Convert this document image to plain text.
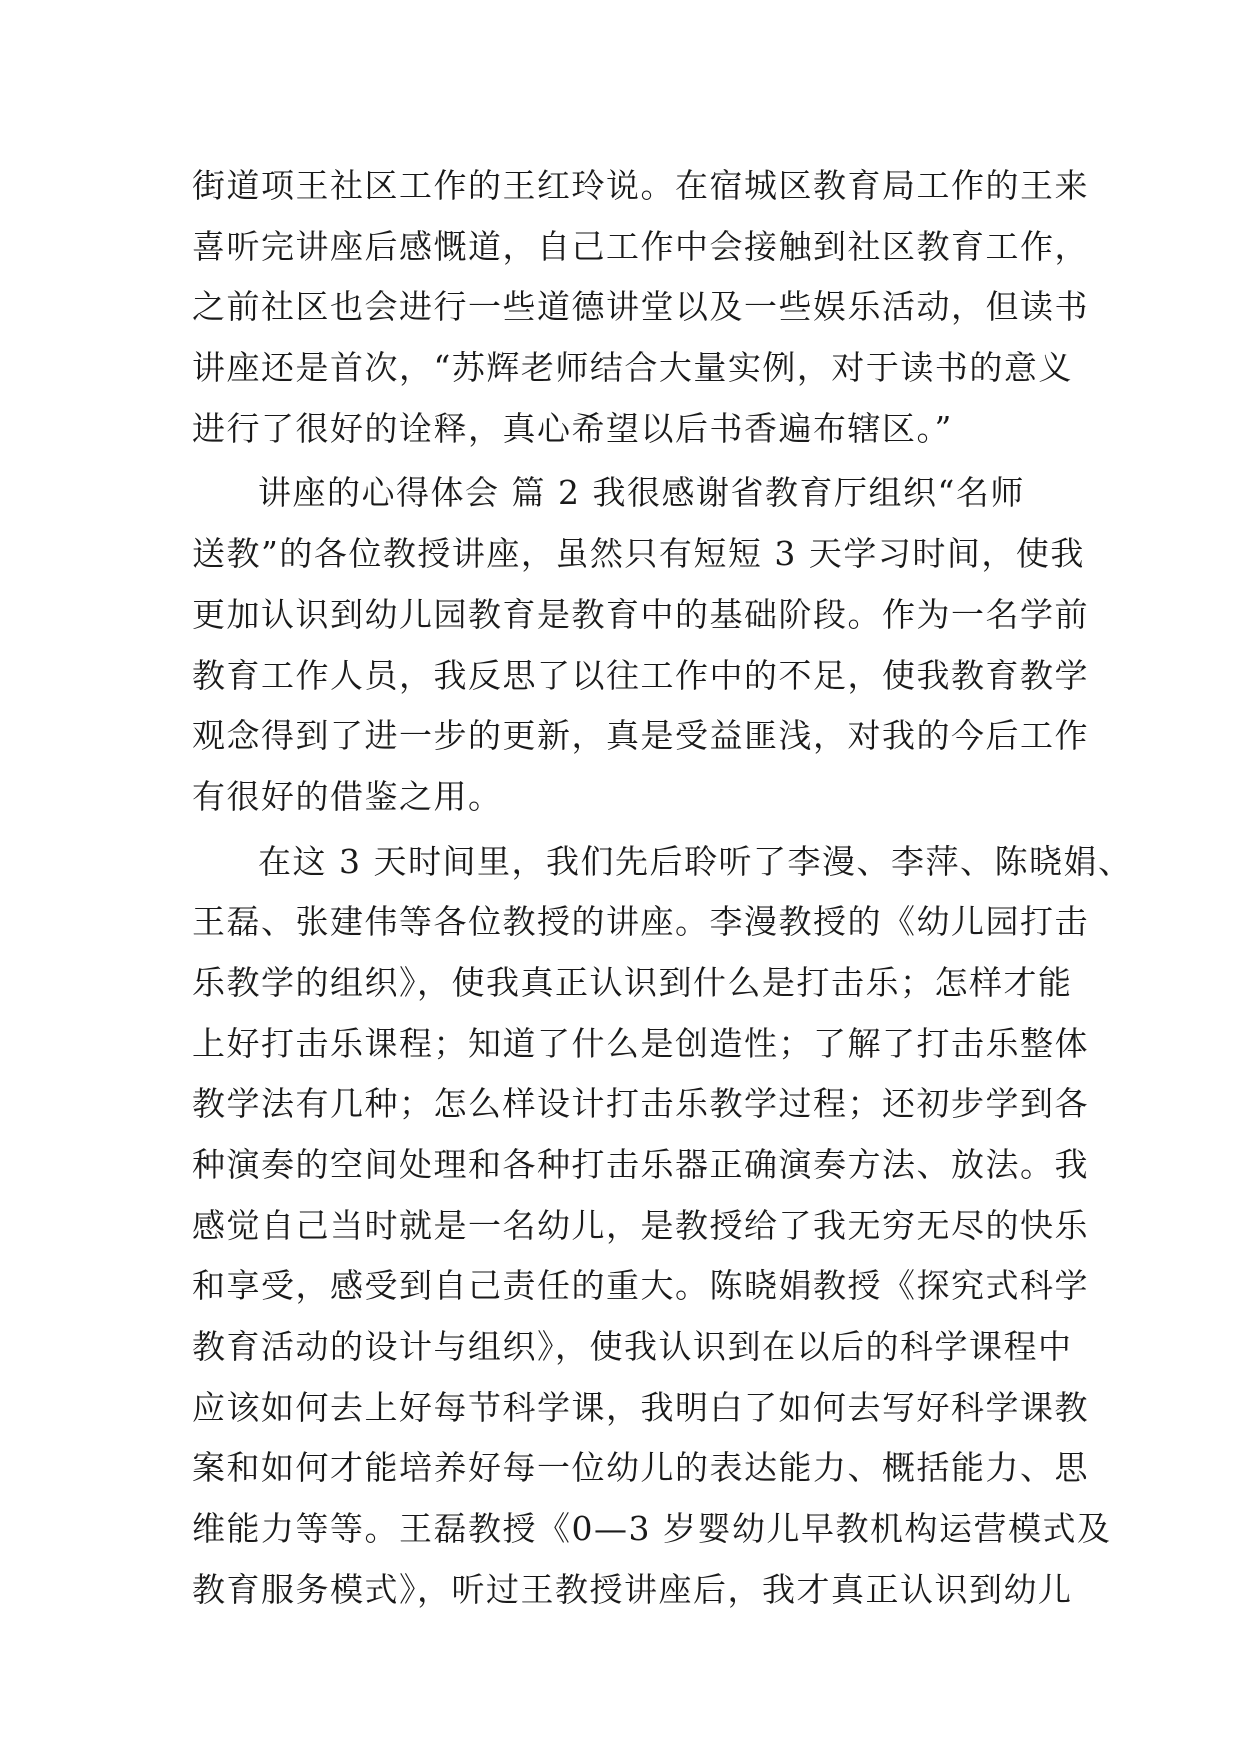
街道项王社区工作的王红玲说。在宿城区教育局工作的王来
喜听完讲座后感慨道，自己工作中会接触到社区教育工作，
之前社区也会进行一些道德讲堂以及一些娱乐活动，但读书
讲座还是首次，“苏辉老师结合大量实例，对于读书的意义
进行了很好的诠释，真心希望以后书香遍布辖区。”
讲座的心得体会 篇 2 我很感谢省教育厅组织“名师
送教”的各位教授讲座，虽然只有短短 3 天学习时间，使我
更加认识到幼儿园教育是教育中的基础阶段。作为一名学前
教育工作人员，我反思了以往工作中的不足，使我教育教学
观念得到了进一步的更新，真是受益匪浅，对我的今后工作
有很好的借鉴之用。
在这 3 天时间里，我们先后聆听了李漫、李萍、陈晓娟、
王磊、张建伟等各位教授的讲座。李漫教授的《幼儿园打击
乐教学的组织》，使我真正认识到什么是打击乐；怎样才能
上好打击乐课程；知道了什么是创造性；了解了打击乐整体
教学法有几种；怎么样设计打击乐教学过程；还初步学到各
种演奏的空间处理和各种打击乐器正确演奏方法、放法。我
感觉自己当时就是一名幼儿，是教授给了我无穷无尽的快乐
和享受，感受到自己责任的重大。陈晓娟教授《探究式科学
教育活动的设计与组织》，使我认识到在以后的科学课程中
应该如何去上好每节科学课，我明白了如何去写好科学课教
案和如何才能培养好每一位幼儿的表达能力、概括能力、思
维能力等等。王磊教授《0—3 岁婴幼儿早教机构运营模式及
教育服务模式》，听过王教授讲座后，我才真正认识到幼儿
